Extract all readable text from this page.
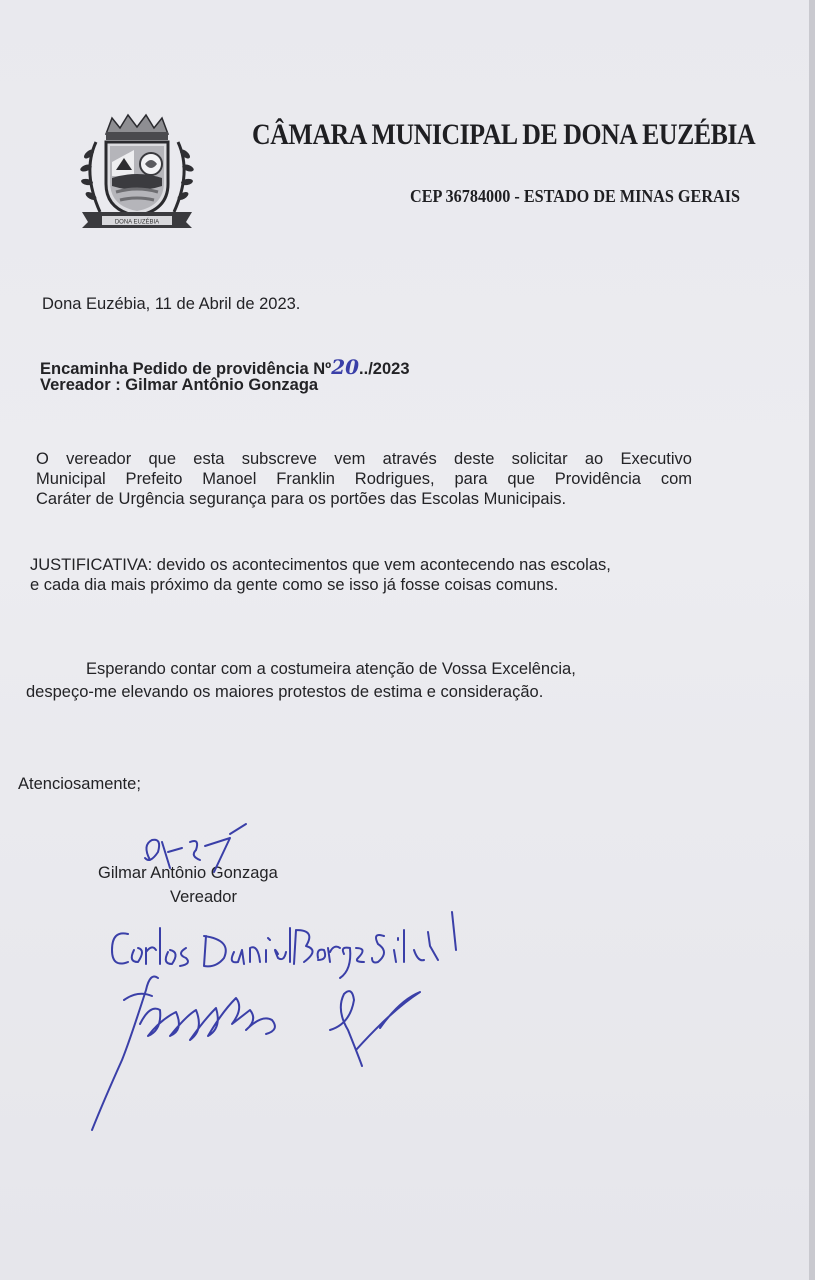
DONA EUZÉBIA
CÂMARA MUNICIPAL DE DONA EUZÉBIA
CEP 36784000 - ESTADO DE MINAS GERAIS
Dona Euzébia, 11 de Abril de 2023.
Encaminha Pedido de providência Nº20../2023
Vereador : Gilmar Antônio Gonzaga
O vereador que esta subscreve vem através deste solicitar ao Executivo
Municipal Prefeito Manoel Franklin Rodrigues, para que Providência com
Caráter de Urgência segurança para os portões das Escolas Municipais.
JUSTIFICATIVA: devido os acontecimentos que vem acontecendo nas escolas,
e cada dia mais próximo da gente como se isso já fosse coisas comuns.
Esperando contar com a costumeira atenção de Vossa Excelência,
despeço-me elevando os maiores protestos de estima e consideração.
Atenciosamente;
Gilmar Antônio Gonzaga
Vereador
